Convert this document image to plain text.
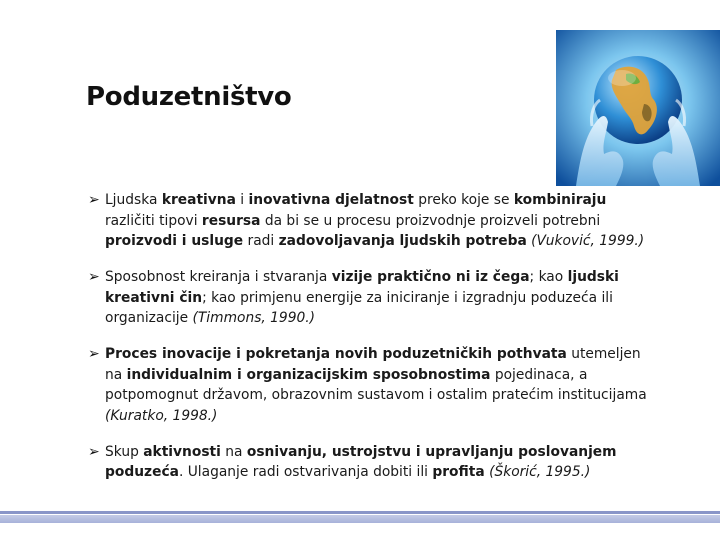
Poduzetništvo
➢ Ljudska kreativna i inovativna djelatnost preko koje se kombiniraju različiti tipovi resursa da bi se u procesu proizvodnje proizveli potrebni proizvodi i usluge radi zadovoljavanja ljudskih potreba (Vuković, 1999.)
➢ Sposobnost kreiranja i stvaranja vizije praktično ni iz čega; kao ljudski kreativni čin; kao primjenu energije za iniciranje i izgradnju poduzeća ili organizacije (Timmons, 1990.)
➢ Proces inovacije i pokretanja novih poduzetničkih pothvata utemeljen na individualnim i organizacijskim sposobnostima pojedinaca, a potpomognut državom, obrazovnim sustavom i ostalim pratećim institucijama (Kuratko, 1998.)
➢ Skup aktivnosti na osnivanju, ustrojstvu i upravljanju poslovanjem poduzeća. Ulaganje radi ostvarivanja dobiti ili profita (Škorić, 1995.)
